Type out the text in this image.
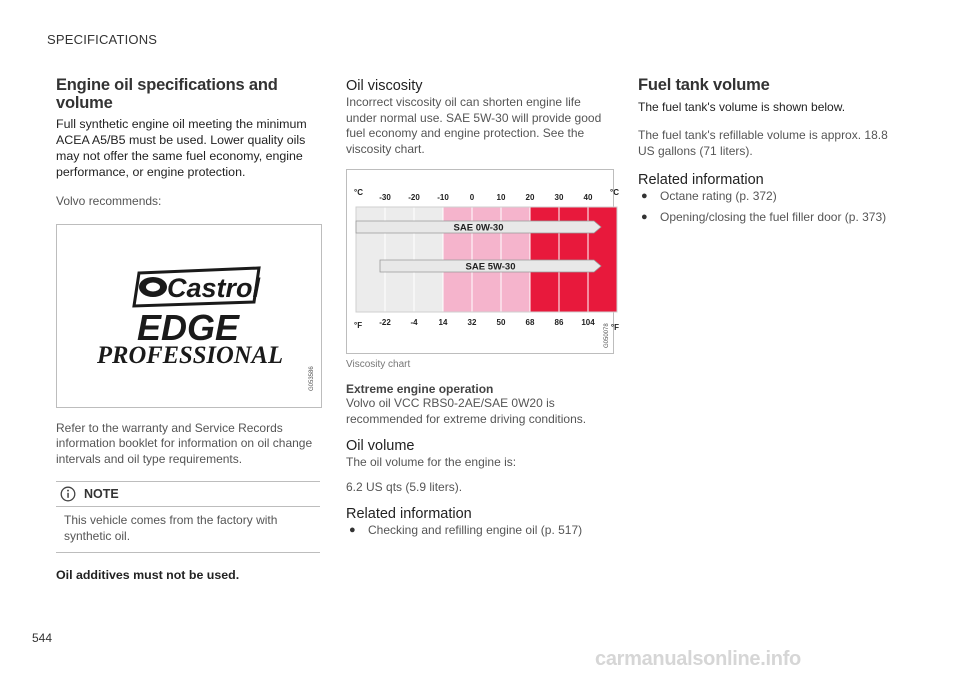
SPECIFICATIONS
Engine oil specifications and volume

Full synthetic engine oil meeting the minimum ACEA A5/B5 must be used. Lower quality oils may not offer the same fuel economy, engine performance, or engine protection.

Volvo recommends:

Castrol
EDGE
PROFESSIONAL
G053586

Refer to the warranty and Service Records information booklet for information on oil change intervals and oil type requirements.

NOTE
This vehicle comes from the factory with synthetic oil.

Oil additives must not be used.

Oil viscosity

Incorrect viscosity oil can shorten engine life under normal use. SAE 5W-30 will provide good fuel economy and engine protection. See the viscosity chart.

SAE 0W-30
SAE 5W-30
-30 -20 -10	0	10	20	30	40
-22 -4	14	32	50	68	86 104
°C	°C
°F	°F
G050078

Viscosity chart

Extreme engine operation

Volvo oil VCC RBS0-2AE/SAE 0W20 is recommended for extreme driving conditions.

Oil volume

The oil volume for the engine is:

6.2 US qts (5.9 liters).

Related information
● Checking and refilling engine oil (p. 517)
Fuel tank volume

The fuel tank's volume is shown below.

The fuel tank's refillable volume is approx. 18.8 US gallons (71 liters).

Related information
● Octane rating (p. 372)
● Opening/closing the fuel filler door (p. 373)
544
carmanualsonline.info
